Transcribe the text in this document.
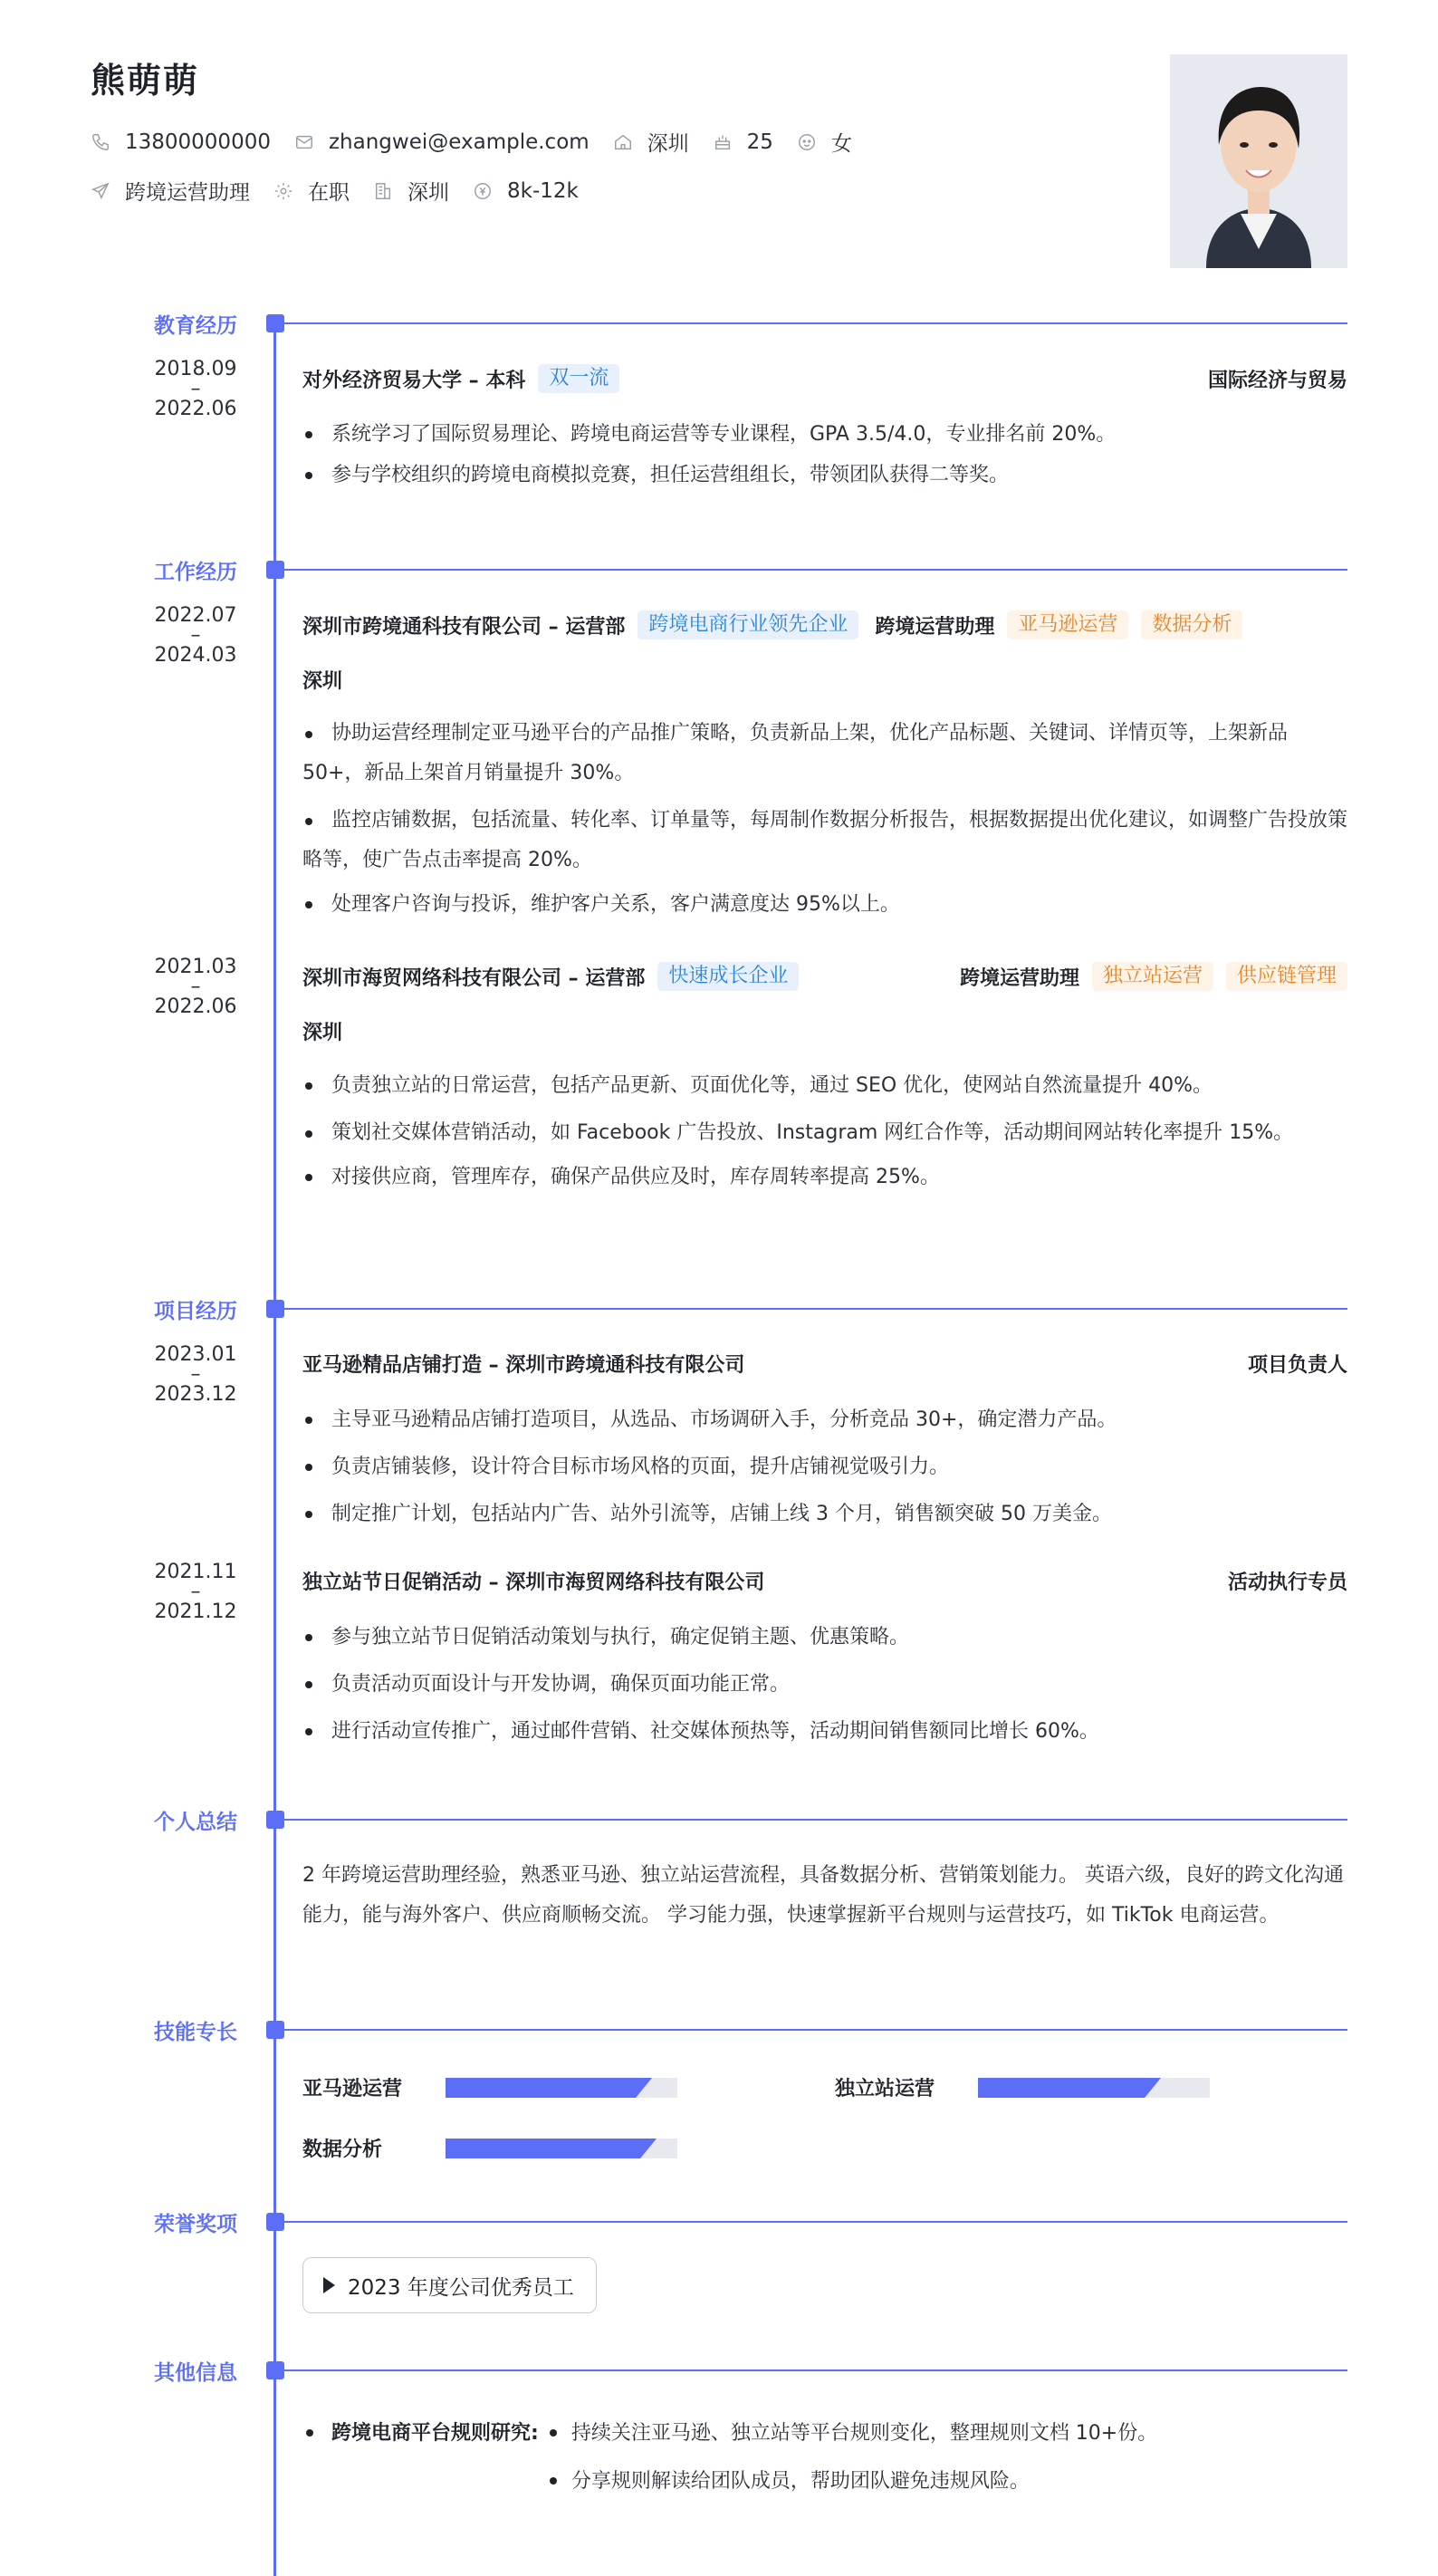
熊萌萌
13800000000	zhangwei@example.com	深圳	25	女
跨境运营助理	在职	深圳	8k-12k
教育经历
2018.09
–
2022.06
对外经济贸易大学 – 本科	双一流	国际经济与贸易
系统学习了国际贸易理论、跨境电商运营等专业课程，GPA 3.5/4.0，专业排名前 20%。
参与学校组织的跨境电商模拟竞赛，担任运营组组长，带领团队获得二等奖。
工作经历
2022.07
–
2024.03
深圳市跨境通科技有限公司 – 运营部	跨境电商行业领先企业	跨境运营助理	亚马逊运营	数据分析
深圳
协助运营经理制定亚马逊平台的产品推广策略，负责新品上架，优化产品标题、关键词、详情页等，上架新品 50+，新品上架首月销量提升 30%。
监控店铺数据，包括流量、转化率、订单量等，每周制作数据分析报告，根据数据提出优化建议，如调整广告投放策略等，使广告点击率提高 20%。
处理客户咨询与投诉，维护客户关系，客户满意度达 95%以上。
2021.03
–
2022.06
深圳市海贸网络科技有限公司 – 运营部	快速成长企业	跨境运营助理	独立站运营	供应链管理
深圳
负责独立站的日常运营，包括产品更新、页面优化等，通过 SEO 优化，使网站自然流量提升 40%。
策划社交媒体营销活动，如 Facebook 广告投放、Instagram 网红合作等，活动期间网站转化率提升 15%。
对接供应商，管理库存，确保产品供应及时，库存周转率提高 25%。
项目经历
2023.01
–
2023.12
亚马逊精品店铺打造 – 深圳市跨境通科技有限公司	项目负责人
主导亚马逊精品店铺打造项目，从选品、市场调研入手，分析竞品 30+，确定潜力产品。
负责店铺装修，设计符合目标市场风格的页面，提升店铺视觉吸引力。
制定推广计划，包括站内广告、站外引流等，店铺上线 3 个月，销售额突破 50 万美金。
2021.11
–
2021.12
独立站节日促销活动 – 深圳市海贸网络科技有限公司	活动执行专员
参与独立站节日促销活动策划与执行，确定促销主题、优惠策略。
负责活动页面设计与开发协调，确保页面功能正常。
进行活动宣传推广，通过邮件营销、社交媒体预热等，活动期间销售额同比增长 60%。
个人总结
2 年跨境运营助理经验，熟悉亚马逊、独立站运营流程，具备数据分析、营销策划能力。 英语六级，良好的跨文化沟通能力，能与海外客户、供应商顺畅交流。 学习能力强，快速掌握新平台规则与运营技巧，如 TikTok 电商运营。
技能专长
亚马逊运营	独立站运营
数据分析
荣誉奖项
2023 年度公司优秀员工
其他信息
跨境电商平台规则研究:	持续关注亚马逊、独立站等平台规则变化，整理规则文档 10+份。
分享规则解读给团队成员，帮助团队避免违规风险。
